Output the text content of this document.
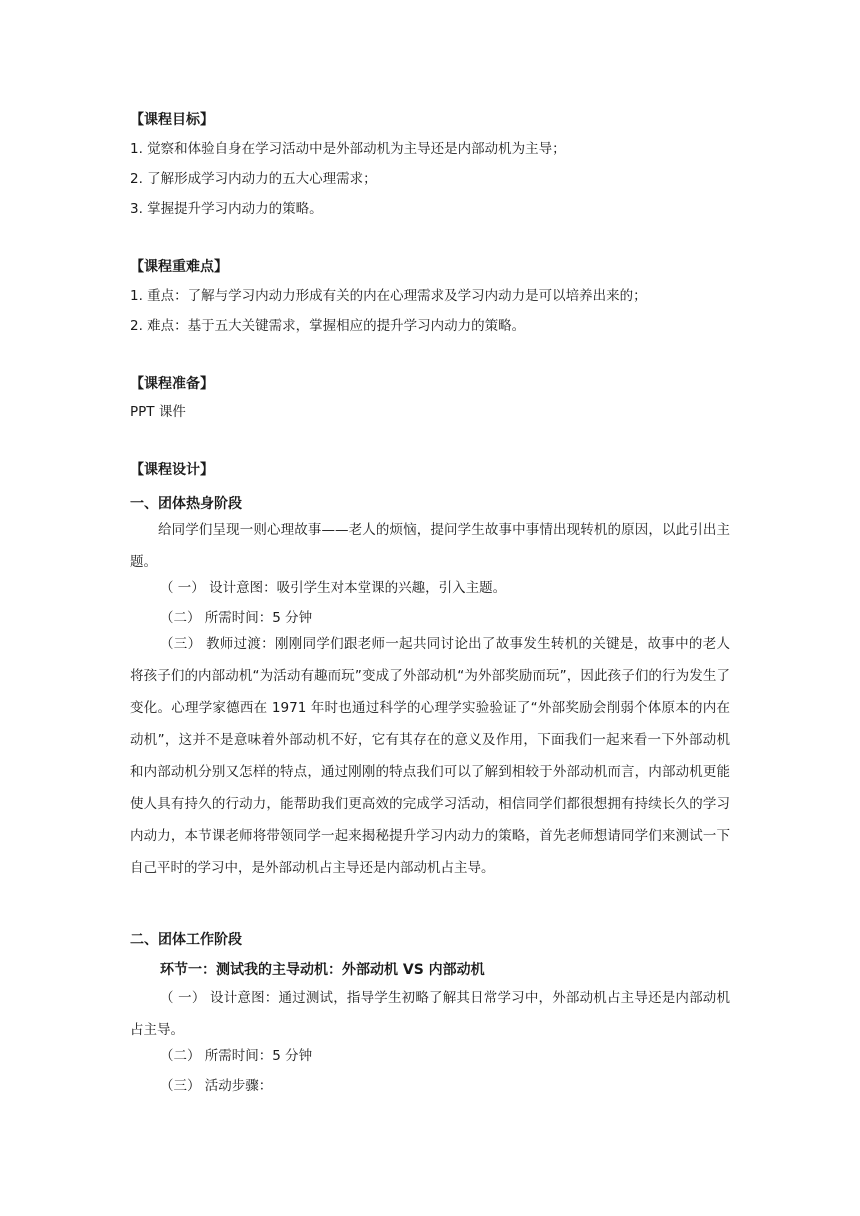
【课程目标】
1. 觉察和体验自身在学习活动中是外部动机为主导还是内部动机为主导；
2. 了解形成学习内动力的五大心理需求；
3. 掌握提升学习内动力的策略。
【课程重难点】
1. 重点：了解与学习内动力形成有关的内在心理需求及学习内动力是可以培养出来的；
2. 难点：基于五大关键需求，掌握相应的提升学习内动力的策略。
【课程准备】
PPT 课件
【课程设计】
一、团体热身阶段
给同学们呈现一则心理故事——老人的烦恼，提问学生故事中事情出现转机的原因，以此引出主题。
（ 一） 设计意图：吸引学生对本堂课的兴趣，引入主题。
（二） 所需时间：5 分钟
（三） 教师过渡：刚刚同学们跟老师一起共同讨论出了故事发生转机的关键是，故事中的老人将孩子们的内部动机“为活动有趣而玩”变成了外部动机“为外部奖励而玩”，因此孩子们的行为发生了变化。心理学家德西在 1971 年时也通过科学的心理学实验验证了“外部奖励会削弱个体原本的内在动机”，这并不是意味着外部动机不好，它有其存在的意义及作用，下面我们一起来看一下外部动机和内部动机分别又怎样的特点，通过刚刚的特点我们可以了解到相较于外部动机而言，内部动机更能使人具有持久的行动力，能帮助我们更高效的完成学习活动，相信同学们都很想拥有持续长久的学习内动力，本节课老师将带领同学一起来揭秘提升学习内动力的策略，首先老师想请同学们来测试一下自己平时的学习中，是外部动机占主导还是内部动机占主导。
二、团体工作阶段
环节一：测试我的主导动机：外部动机 VS 内部动机
（ 一） 设计意图：通过测试，指导学生初略了解其日常学习中，外部动机占主导还是内部动机占主导。
（二） 所需时间：5 分钟
（三） 活动步骤：
